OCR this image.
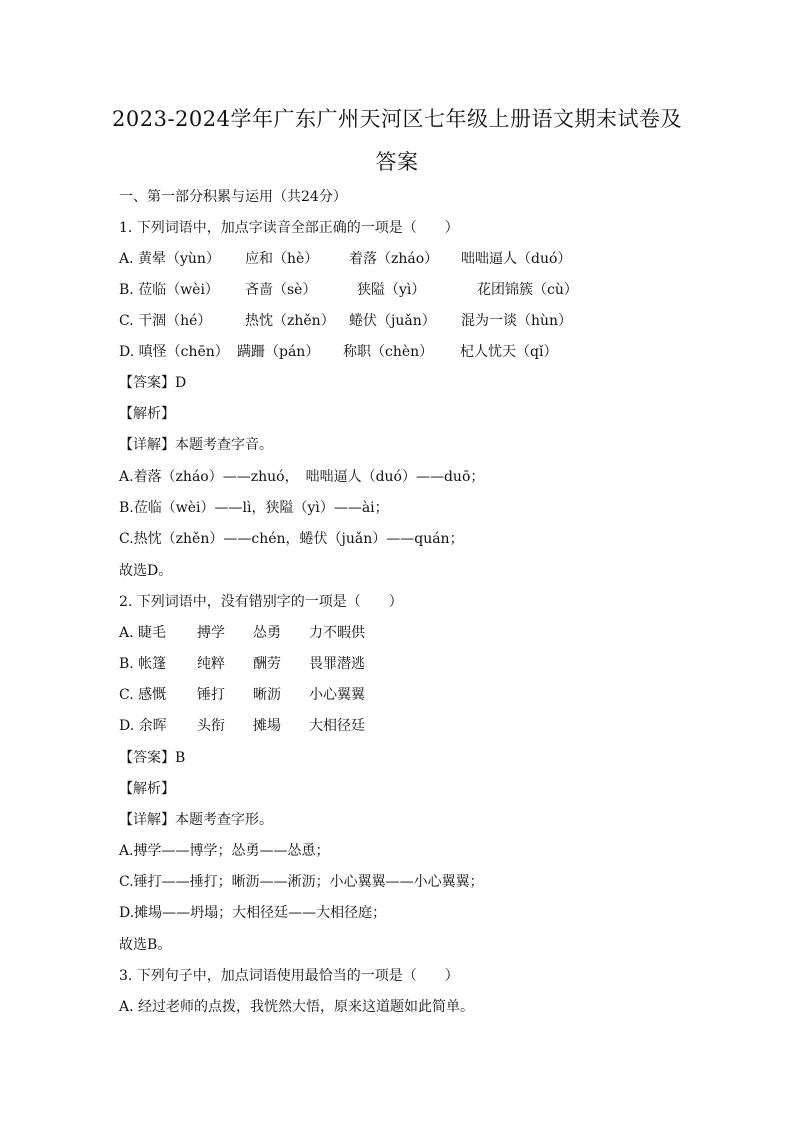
2023-2024学年广东广州天河区七年级上册语文期末试卷及
答案
一、第一部分积累与运用（共24分）
1. 下列词语中，加点字读音全部正确的一项是（　　）
A. 黄晕（yùn） 应和（hè） 着落（zháo） 咄咄逼人（duó）
B. 莅临（wèi） 吝啬（sè）	狭隘（yì）	花团锦簇（cù）
C. 干涸（hé） 热忱（zhěn） 蜷伏（juǎn） 混为一谈（hùn）
D. 嗔怪（chēn） 蹒跚（pán） 称职（chèn） 杞人忧天（qǐ）
【答案】D
【解析】
【详解】本题考查字音。
A.着落（zháo）——zhuó，　咄咄逼人（duó）——duō；
B.莅临（wèi）——lì，狭隘（yì）——ài；
C.热忱（zhěn）——chén，蜷伏（juǎn）——quán；
故选D。
2. 下列词语中，没有错别字的一项是（　　）
A. 睫毛 搏学 怂勇 力不暇供
B. 帐篷 纯粹 酬劳 畏罪潜逃
C. 感慨 锤打 晰沥 小心翼翼
D. 余晖 头衔 摊場 大相径廷
【答案】B
【解析】
【详解】本题考查字形。
A.搏学——博学；怂勇——怂恿；
C.锤打——捶打；晰沥——淅沥；小心翼翼——小心翼翼；
D.摊場——坍塌；大相径廷——大相径庭；
故选B。
3. 下列句子中，加点词语使用最恰当的一项是（　　）
A. 经过老师的点拨，我恍然大悟，原来这道题如此简单。
